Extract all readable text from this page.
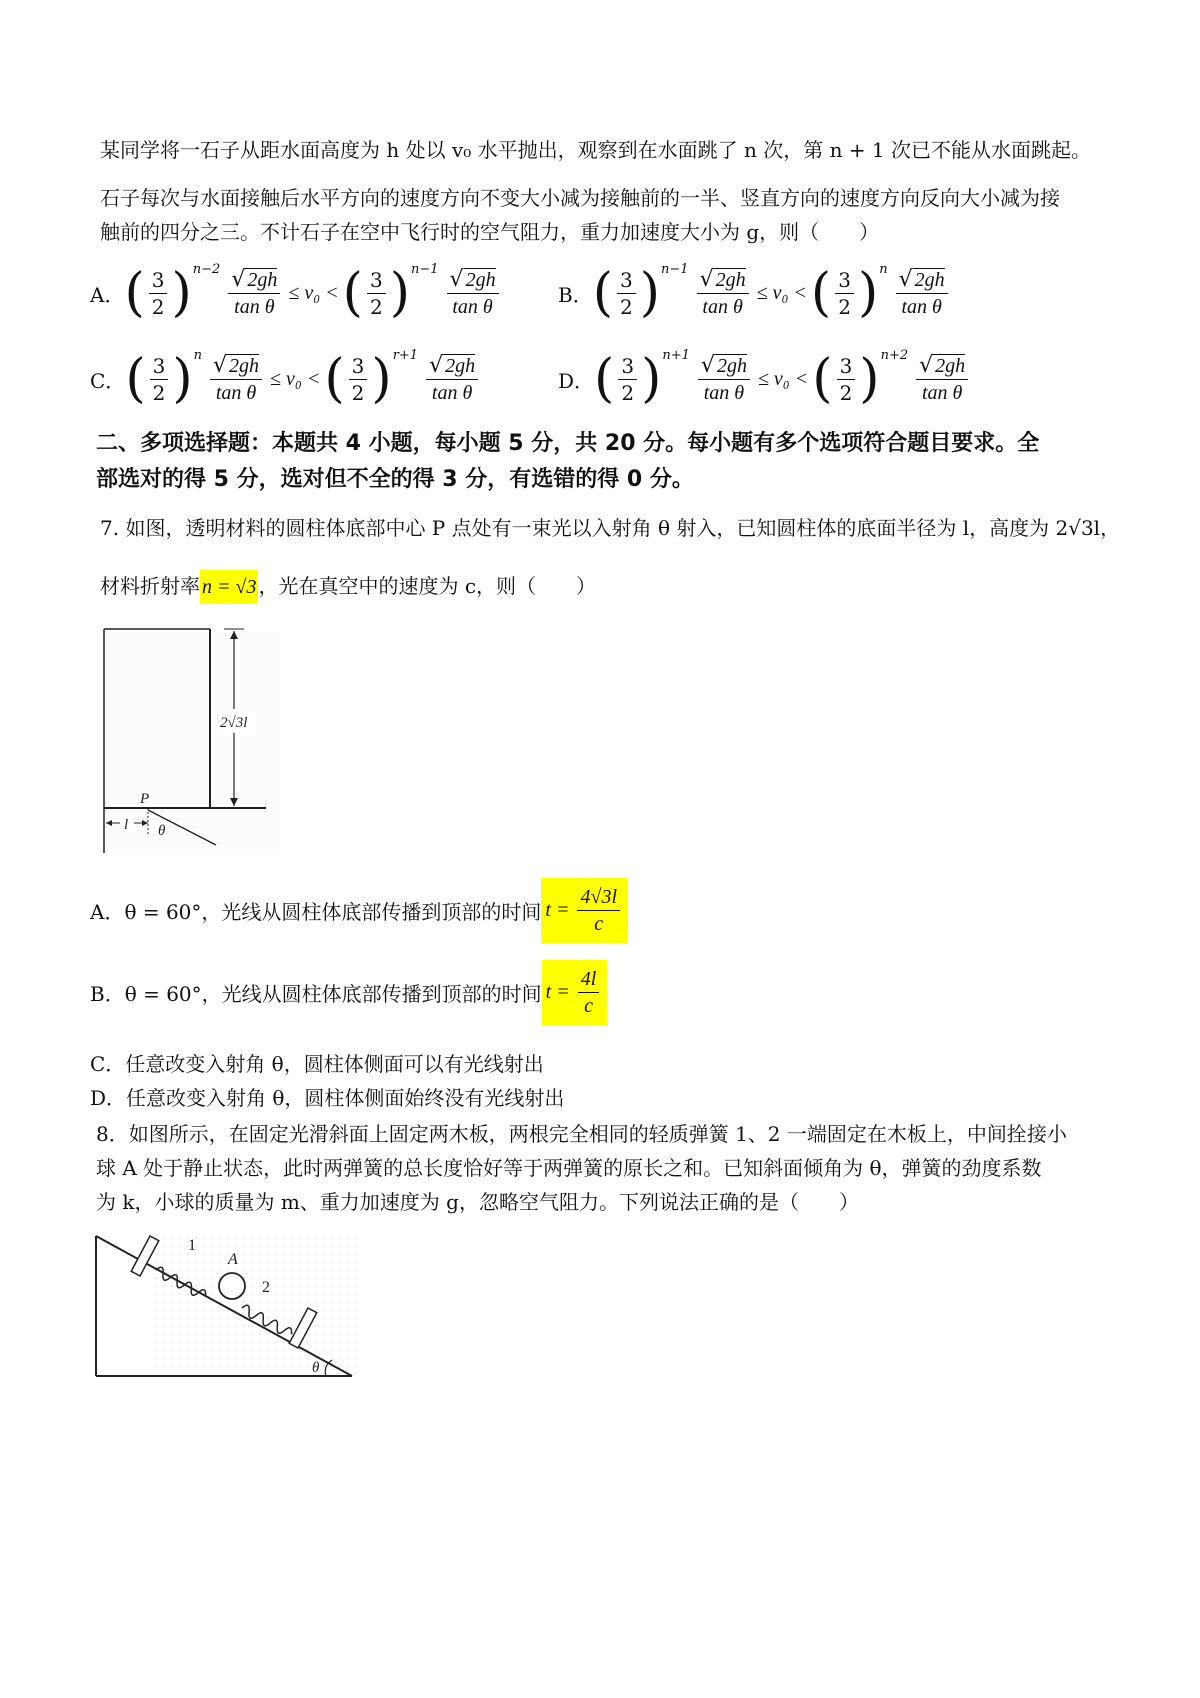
某同学将一石子从距水面高度为 h 处以 v₀ 水平抛出，观察到在水面跳了 n 次，第 n + 1 次已不能从水面跳起。
石子每次与水面接触后水平方向的速度方向不变大小减为接触前的一半、竖直方向的速度方向反向大小减为接
触前的四分之三。不计石子在空中飞行时的空气阻力，重力加速度大小为 g，则（　　）
A． ( $\frac{3}{2}$ ) $n-2 \frac{√ 2gh}{\text{tan θ}} \le v_0$ < ( $\frac{3}{2}$ ) $n-1 \frac{√ 2gh}{\text{tan θ}}$	B． ( $\frac{3}{2}$ ) $n-1 \frac{√ 2gh}{\text{tan θ}} \le v_0$ < ( $\frac{3}{2}$ ) n $\frac{√ 2gh}{\text{tan θ}}$
C． ( $\frac{3}{2}$ ) n $\frac{√ 2gh}{\text{tan θ}} \le v_0$ < ( $\frac{3}{2}$ ) $r+1 \frac{√ 2gh}{\text{tan θ}}$	D． ( $\frac{3}{2}$ ) $n+1 \frac{√ 2gh}{\text{tan θ}} \le v_0$ < ( $\frac{3}{2}$ ) $n+2 \frac{√ 2gh}{\text{tan θ}}$
二、多项选择题：本题共 4 小题，每小题 5 分，共 20 分。每小题有多个选项符合题目要求。全
部选对的得 5 分，选对但不全的得 3 分，有选错的得 0 分。
7. 如图，透明材料的圆柱体底部中心 P 点处有一束光以入射角 θ 射入，已知圆柱体的底面半径为 l，高度为 2√3l，
材料折射率 n = √3 ，光在真空中的速度为 c，则（　　）
2√3l
P
l θ
A．θ = 60°，光线从圆柱体底部传播到顶部的时间 $t = \frac{4√3l}{c}$
B．θ = 60°，光线从圆柱体底部传播到顶部的时间 $t = \frac{4l}{c}$
C．任意改变入射角 θ，圆柱体侧面可以有光线射出
D．任意改变入射角 θ，圆柱体侧面始终没有光线射出
8．如图所示，在固定光滑斜面上固定两木板，两根完全相同的轻质弹簧 1、2 一端固定在木板上，中间拴接小
球 A 处于静止状态，此时两弹簧的总长度恰好等于两弹簧的原长之和。已知斜面倾角为 θ，弹簧的劲度系数
为 k，小球的质量为 m、重力加速度为 g，忽略空气阻力。下列说法正确的是（　　）
1
A
2
θ
